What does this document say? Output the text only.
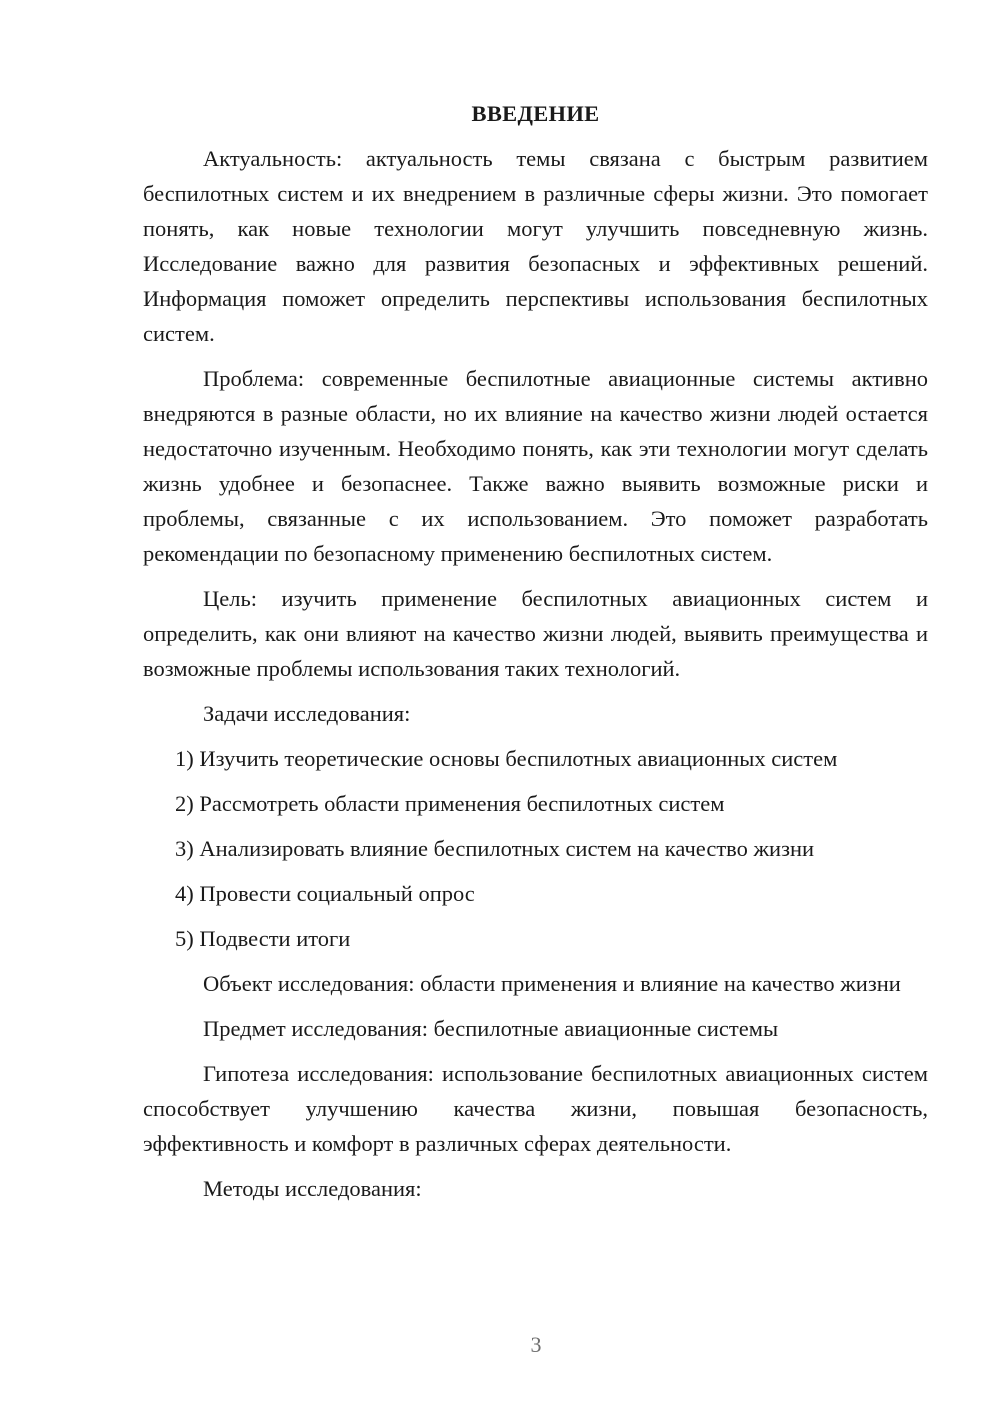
ВВЕДЕНИЕ

Актуальность: актуальность темы связана с быстрым развитием беспилотных систем и их внедрением в различные сферы жизни. Это помогает понять, как новые технологии могут улучшить повседневную жизнь. Исследование важно для развития безопасных и эффективных решений. Информация поможет определить перспективы использования беспилотных систем.

Проблема: современные беспилотные авиационные системы активно внедряются в разные области, но их влияние на качество жизни людей остается недостаточно изученным. Необходимо понять, как эти технологии могут сделать жизнь удобнее и безопаснее. Также важно выявить возможные риски и проблемы, связанные с их использованием. Это поможет разработать рекомендации по безопасному применению беспилотных систем.

Цель: изучить применение беспилотных авиационных систем и определить, как они влияют на качество жизни людей, выявить преимущества и возможные проблемы использования таких технологий.

Задачи исследования:

1) Изучить теоретические основы беспилотных авиационных систем
2) Рассмотреть области применения беспилотных систем
3) Анализировать влияние беспилотных систем на качество жизни
4) Провести социальный опрос
5) Подвести итоги

Объект исследования: области применения и влияние на качество жизни

Предмет исследования: беспилотные авиационные системы

Гипотеза исследования: использование беспилотных авиационных систем способствует улучшению качества жизни, повышая безопасность, эффективность и комфорт в различных сферах деятельности.

Методы исследования:

3
